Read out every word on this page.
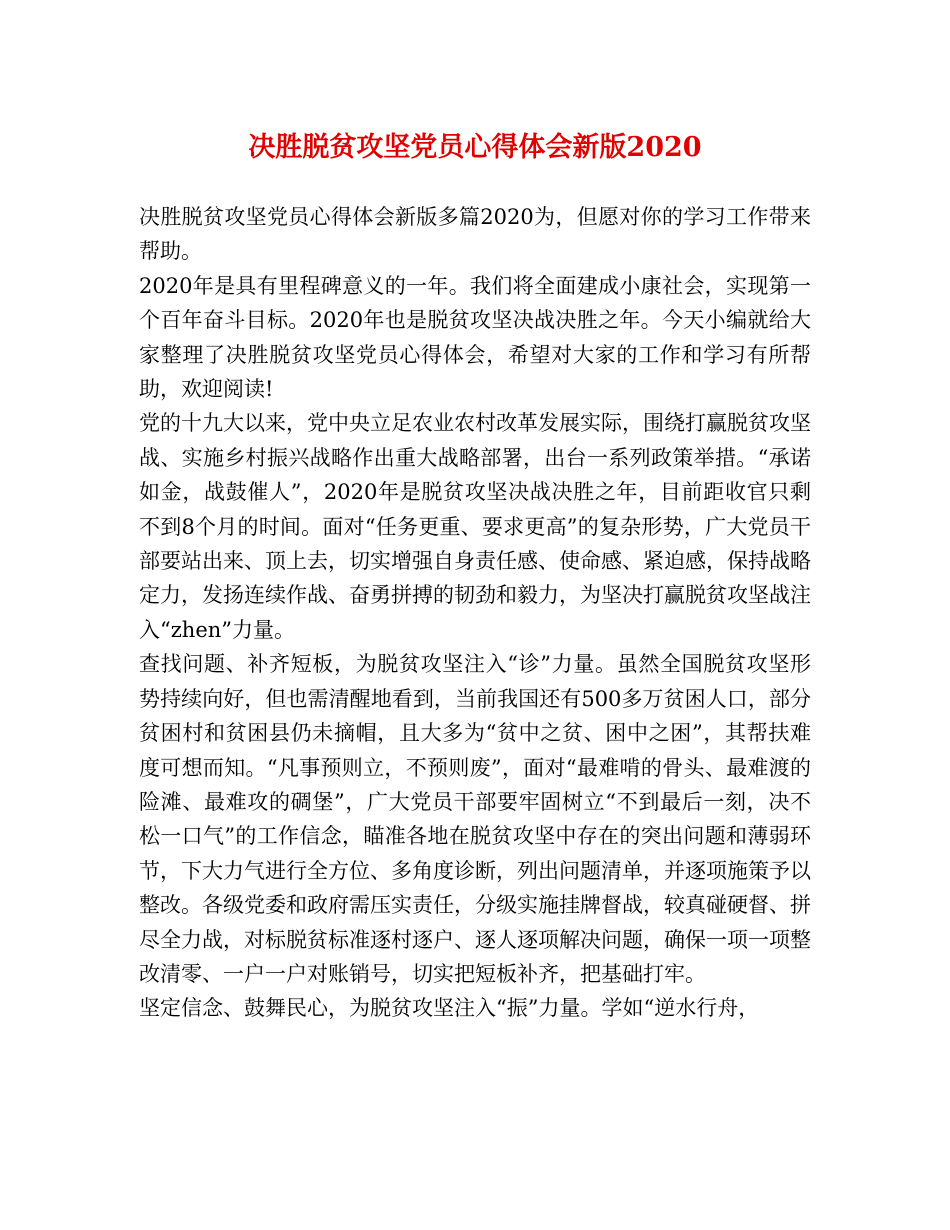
决胜脱贫攻坚党员心得体会新版2020

决胜脱贫攻坚党员心得体会新版多篇2020为，但愿对你的学习工作带来帮助。

2020年是具有里程碑意义的一年。我们将全面建成小康社会，实现第一个百年奋斗目标。2020年也是脱贫攻坚决战决胜之年。今天小编就给大家整理了决胜脱贫攻坚党员心得体会，希望对大家的工作和学习有所帮助，欢迎阅读!

党的十九大以来，党中央立足农业农村改革发展实际，围绕打赢脱贫攻坚战、实施乡村振兴战略作出重大战略部署，出台一系列政策举措。“承诺如金，战鼓催人”，2020年是脱贫攻坚决战决胜之年，目前距收官只剩不到8个月的时间。面对“任务更重、要求更高”的复杂形势，广大党员干部要站出来、顶上去，切实增强自身责任感、使命感、紧迫感，保持战略定力，发扬连续作战、奋勇拼搏的韧劲和毅力，为坚决打赢脱贫攻坚战注入“zhen”力量。

查找问题、补齐短板，为脱贫攻坚注入“诊”力量。虽然全国脱贫攻坚形势持续向好，但也需清醒地看到，当前我国还有500多万贫困人口，部分贫困村和贫困县仍未摘帽，且大多为“贫中之贫、困中之困”，其帮扶难度可想而知。“凡事预则立，不预则废”，面对“最难啃的骨头、最难渡的险滩、最难攻的碉堡”，广大党员干部要牢固树立“不到最后一刻，决不松一口气”的工作信念，瞄准各地在脱贫攻坚中存在的突出问题和薄弱环节，下大力气进行全方位、多角度诊断，列出问题清单，并逐项施策予以整改。各级党委和政府需压实责任，分级实施挂牌督战，较真碰硬督、拼尽全力战，对标脱贫标准逐村逐户、逐人逐项解决问题，确保一项一项整改清零、一户一户对账销号，切实把短板补齐，把基础打牢。

坚定信念、鼓舞民心，为脱贫攻坚注入“振”力量。学如“逆水行舟，
